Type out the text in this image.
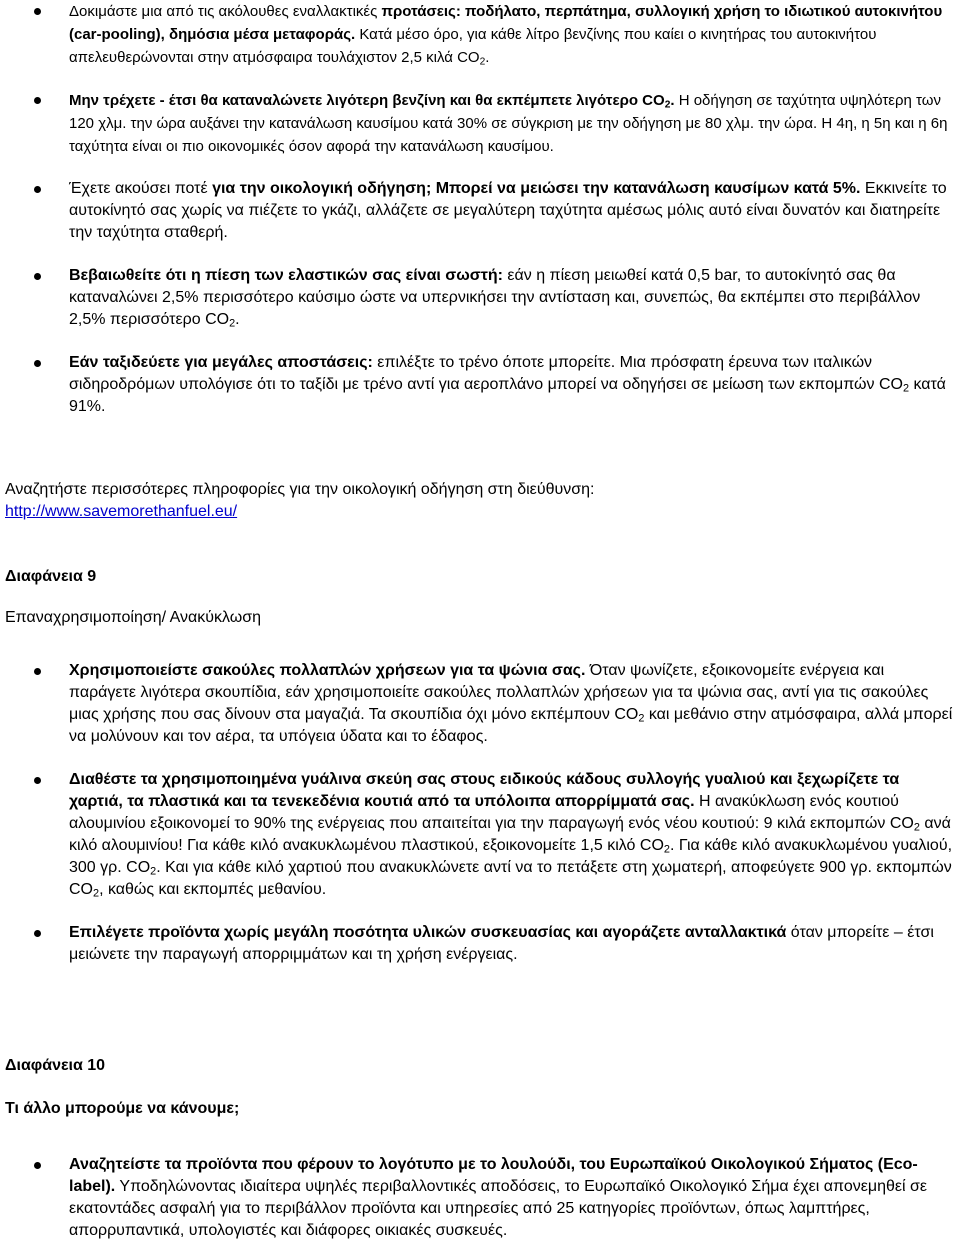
Δοκιμάστε μια από τις ακόλουθες εναλλακτικές προτάσεις: ποδήλατο, περπάτημα, συλλογική χρήση το ιδιωτικού αυτοκινήτου (car-pooling), δημόσια μέσα μεταφοράς. Κατά μέσο όρο, για κάθε λίτρο βενζίνης που καίει ο κινητήρας του αυτοκινήτου απελευθερώνονται στην ατμόσφαιρα τουλάχιστον 2,5 κιλά $CO_2$.
Μην τρέχετε - έτσι θα καταναλώνετε λιγότερη βενζίνη και θα εκπέμπετε λιγότερο $CO_2$. Η οδήγηση σε ταχύτητα υψηλότερη των 120 χλμ. την ώρα αυξάνει την κατανάλωση καυσίμου κατά 30% σε σύγκριση με την οδήγηση με 80 χλμ. την ώρα. Η 4η, η 5η και η 6η ταχύτητα είναι οι πιο οικονομικές όσον αφορά την κατανάλωση καυσίμου.
Έχετε ακούσει ποτέ για την οικολογική οδήγηση; Μπορεί να μειώσει την κατανάλωση καυσίμων κατά 5%. Εκκινείτε το αυτοκίνητό σας χωρίς να πιέζετε το γκάζι, αλλάζετε σε μεγαλύτερη ταχύτητα αμέσως μόλις αυτό είναι δυνατόν και διατηρείτε την ταχύτητα σταθερή.
Βεβαιωθείτε ότι η πίεση των ελαστικών σας είναι σωστή: εάν η πίεση μειωθεί κατά 0,5 bar, το αυτοκίνητό σας θα καταναλώνει 2,5% περισσότερο καύσιμο ώστε να υπερνικήσει την αντίσταση και, συνεπώς, θα εκπέμπει στο περιβάλλον 2,5% περισσότερο $CO_2$.
Εάν ταξιδεύετε για μεγάλες αποστάσεις: επιλέξτε το τρένο όποτε μπορείτε. Μια πρόσφατη έρευνα των ιταλικών σιδηροδρόμων υπολόγισε ότι το ταξίδι με τρένο αντί για αεροπλάνο μπορεί να οδηγήσει σε μείωση των εκπομπών $CO_2$ κατά 91%.
Αναζητήστε περισσότερες πληροφορίες για την οικολογική οδήγηση στη διεύθυνση:
http://www.savemorethanfuel.eu/
Διαφάνεια 9
Επαναχρησιμοποίηση/ Ανακύκλωση
Χρησιμοποιείστε σακούλες πολλαπλών χρήσεων για τα ψώνια σας. Όταν ψωνίζετε, εξοικονομείτε ενέργεια και παράγετε λιγότερα σκουπίδια, εάν χρησιμοποιείτε σακούλες πολλαπλών χρήσεων για τα ψώνια σας, αντί για τις σακούλες μιας χρήσης που σας δίνουν στα μαγαζιά. Τα σκουπίδια όχι μόνο εκπέμπουν $CO_2$ και μεθάνιο στην ατμόσφαιρα, αλλά μπορεί να μολύνουν και τον αέρα, τα υπόγεια ύδατα και το έδαφος.
Διαθέστε τα χρησιμοποιημένα γυάλινα σκεύη σας στους ειδικούς κάδους συλλογής γυαλιού και ξεχωρίζετε τα χαρτιά, τα πλαστικά και τα τενεκεδένια κουτιά από τα υπόλοιπα απορρίμματά σας. Η ανακύκλωση ενός κουτιού αλουμινίου εξοικονομεί το 90% της ενέργειας που απαιτείται για την παραγωγή ενός νέου κουτιού: 9 κιλά εκπομπών $CO_2$ ανά κιλό αλουμινίου! Για κάθε κιλό ανακυκλωμένου πλαστικού, εξοικονομείτε 1,5 κιλό $CO_2$. Για κάθε κιλό ανακυκλωμένου γυαλιού, 300 γρ. $CO_2$. Και για κάθε κιλό χαρτιού που ανακυκλώνετε αντί να το πετάξετε στη χωματερή, αποφεύγετε 900 γρ. εκπομπών $CO_2$, καθώς και εκπομπές μεθανίου.
Επιλέγετε προϊόντα χωρίς μεγάλη ποσότητα υλικών συσκευασίας και αγοράζετε ανταλλακτικά όταν μπορείτε – έτσι μειώνετε την παραγωγή απορριμμάτων και τη χρήση ενέργειας.
Διαφάνεια 10
Τι άλλο μπορούμε να κάνουμε;
Αναζητείστε τα προϊόντα που φέρουν το λογότυπο με το λουλούδι, του Ευρωπαϊκού Οικολογικού Σήματος (Eco-label). Υποδηλώνοντας ιδιαίτερα υψηλές περιβαλλοντικές αποδόσεις, το Ευρωπαϊκό Οικολογικό Σήμα έχει απονεμηθεί σε εκατοντάδες ασφαλή για το περιβάλλον προϊόντα και υπηρεσίες από 25 κατηγορίες προϊόντων, όπως λαμπτήρες, απορρυπαντικά, υπολογιστές και διάφορες οικιακές συσκευές.
